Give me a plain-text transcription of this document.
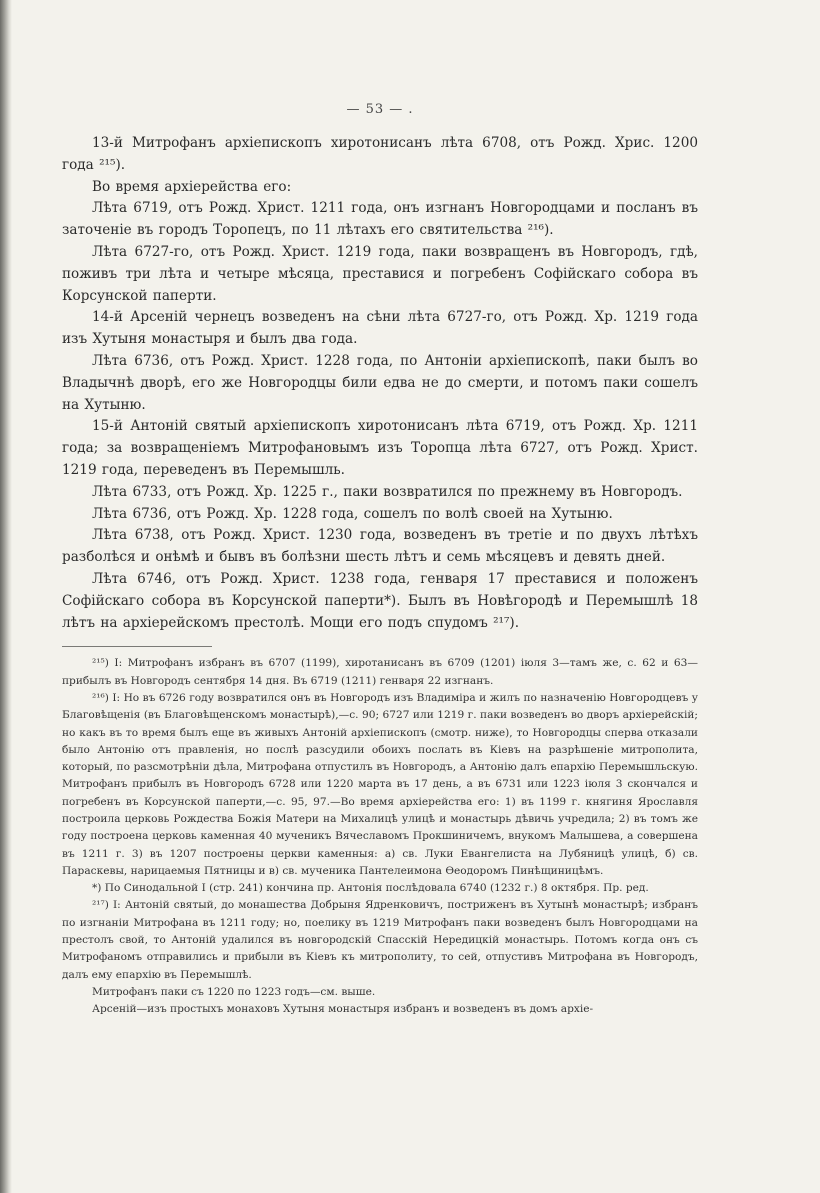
— 53 — .

13-й Митрофанъ архіепископъ хиротонисанъ лѣта 6708, отъ Рожд. Хрис. 1200 года ²¹⁵).

Во время архіерейства его:

Лѣта 6719, отъ Рожд. Христ. 1211 года, онъ изгнанъ Новгородцами и посланъ въ заточеніе въ городъ Торопецъ, по 11 лѣтахъ его святительства ²¹⁶).

Лѣта 6727-го, отъ Рожд. Христ. 1219 года, паки возвращенъ въ Новгородъ, гдѣ, поживъ три лѣта и четыре мѣсяца, преставися и погребенъ Софійскаго собора въ Корсунской паперти.

14-й Арсеній чернецъ возведенъ на сѣни лѣта 6727-го, отъ Рожд. Хр. 1219 года изъ Хутыня монастыря и былъ два года.

Лѣта 6736, отъ Рожд. Христ. 1228 года, по Антоніи архіепископѣ, паки былъ во Владычнѣ дворѣ, его же Новгородцы били едва не до смерти, и потомъ паки сошелъ на Хутыню.

15-й Антоній святый архіепископъ хиротонисанъ лѣта 6719, отъ Рожд. Хр. 1211 года; за возвращеніемъ Митрофановымъ изъ Торопца лѣта 6727, отъ Рожд. Христ. 1219 года, переведенъ въ Перемышль.

Лѣта 6733, отъ Рожд. Хр. 1225 г., паки возвратился по прежнему въ Новгородъ.

Лѣта 6736, отъ Рожд. Хр. 1228 года, сошелъ по волѣ своей на Хутыню.

Лѣта 6738, отъ Рожд. Христ. 1230 года, возведенъ въ третіе и по двухъ лѣтѣхъ разболѣся и онѣмѣ и бывъ въ болѣзни шесть лѣтъ и семь мѣсяцевъ и девять дней.

Лѣта 6746, отъ Рожд. Христ. 1238 года, генваря 17 преставися и положенъ Софійскаго собора въ Корсунской паперти*). Былъ въ Новѣгородѣ и Перемышлѣ 18 лѣтъ на архіерейскомъ престолѣ. Мощи его подъ спудомъ ²¹⁷).

²¹⁵) I: Митрофанъ избранъ въ 6707 (1199), хиротанисанъ въ 6709 (1201) іюля 3—тамъ же, с. 62 и 63—прибылъ въ Новгородъ сентября 14 дня. Въ 6719 (1211) генваря 22 изгнанъ.

²¹⁶) I: Но въ 6726 году возвратился онъ въ Новгородъ изъ Владиміра и жилъ по назначенію Новгородцевъ у Благовѣщенія (въ Благовѣщенскомъ монастырѣ),—с. 90; 6727 или 1219 г. паки возведенъ во дворъ архіерейскій; но какъ въ то время былъ еще въ живыхъ Антоній архіепископъ (смотр. ниже), то Новгородцы сперва отказали было Антонію отъ правленія, но послѣ разсудили обоихъ послать въ Кіевъ на разрѣшеніе митрополита, который, по разсмотрѣніи дѣла, Митрофана отпустилъ въ Новгородъ, а Антонію далъ епархію Перемышльскую. Митрофанъ прибылъ въ Новгородъ 6728 или 1220 марта въ 17 день, а въ 6731 или 1223 іюля 3 скончался и погребенъ въ Корсунской паперти,—с. 95, 97.—Во время архіерейства его: 1) въ 1199 г. княгиня Ярославля построила церковь Рождества Божія Матери на Михалицѣ улицѣ и монастырь дѣвичь учредила; 2) въ томъ же году построена церковь каменная 40 мученикъ Вячеславомъ Прокшиничемъ, внукомъ Малышева, а совершена въ 1211 г. 3) въ 1207 построены церкви каменныя: а) св. Луки Евангелиста на Лубяницѣ улицѣ, б) св. Параскевы, нарицаемыя Пятницы и в) св. мученика Пантелеимона Ѳеодоромъ Пинѣщиницѣмъ.

*) По Синодальной I (стр. 241) кончина пр. Антонія послѣдовала 6740 (1232 г.) 8 октября. Пр. ред.

²¹⁷) I: Антоній святый, до монашества Добрыня Ядренковичъ, постриженъ въ Хутынѣ монастырѣ; избранъ по изгнаніи Митрофана въ 1211 году; но, поелику въ 1219 Митрофанъ паки возведенъ былъ Новгородцами на престолъ свой, то Антоній удалился въ новгородскій Спасскій Нередицкій монастырь. Потомъ когда онъ съ Митрофаномъ отправились и прибыли въ Кіевъ къ митрополиту, то сей, отпустивъ Митрофана въ Новгородъ, далъ ему епархію въ Перемышлѣ.

Митрофанъ паки съ 1220 по 1223 годъ—см. выше.

Арсеній—изъ простыхъ монаховъ Хутыня монастыря избранъ и возведенъ въ домъ архіе-
